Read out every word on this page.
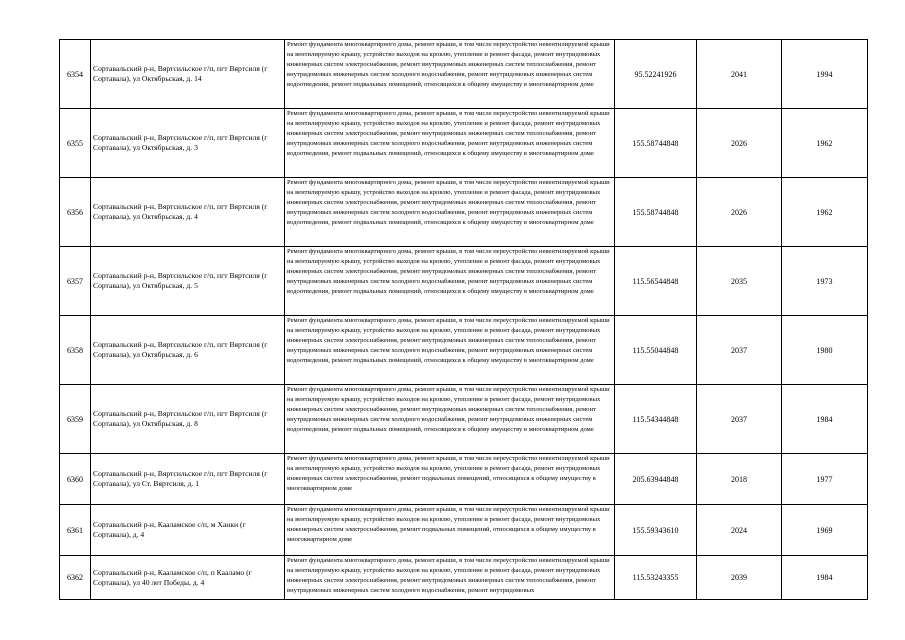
6354	Сортавальский р-н, Вяртсильское г/п, пгт Вяртсиля (г Сортавала), ул Октябрьская, д. 14	Ремонт фундамента многоквартирного дома, ремонт крыши, в том числе переустройство невентилируемой крыши на вентилируемую крышу, устройство выходов на кровлю, утепление и ремонт фасада, ремонт внутридомовых инженерных систем электроснабжения, ремонт внутридомовых инженерных систем теплоснабжения, ремонт внутридомовых инженерных систем холодного водоснабжения, ремонт внутридомовых инженерных систем водоотведения, ремонт подвальных помещений, относящихся к общему имуществу в многоквартирном доме	95.52241926	2041	1994
6355	Сортавальский р-н, Вяртсильское г/п, пгт Вяртсиля (г Сортавала), ул Октябрьская, д. 3	Ремонт фундамента многоквартирного дома, ремонт крыши, в том числе переустройство невентилируемой крыши на вентилируемую крышу, устройство выходов на кровлю, утепление и ремонт фасада, ремонт внутридомовых инженерных систем электроснабжения, ремонт внутридомовых инженерных систем теплоснабжения, ремонт внутридомовых инженерных систем холодного водоснабжения, ремонт внутридомовых инженерных систем водоотведения, ремонт подвальных помещений, относящихся к общему имуществу в многоквартирном доме	155.58744848	2026	1962
6356	Сортавальский р-н, Вяртсильское г/п, пгт Вяртсиля (г Сортавала), ул Октябрьская, д. 4	Ремонт фундамента многоквартирного дома, ремонт крыши, в том числе переустройство невентилируемой крыши на вентилируемую крышу, устройство выходов на кровлю, утепление и ремонт фасада, ремонт внутридомовых инженерных систем электроснабжения, ремонт внутридомовых инженерных систем теплоснабжения, ремонт внутридомовых инженерных систем холодного водоснабжения, ремонт внутридомовых инженерных систем водоотведения, ремонт подвальных помещений, относящихся к общему имуществу в многоквартирном доме	155.58744848	2026	1962
6357	Сортавальский р-н, Вяртсильское г/п, пгт Вяртсиля (г Сортавала), ул Октябрьская, д. 5	Ремонт фундамента многоквартирного дома, ремонт крыши, в том числе переустройство невентилируемой крыши на вентилируемую крышу, устройство выходов на кровлю, утепление и ремонт фасада, ремонт внутридомовых инженерных систем электроснабжения, ремонт внутридомовых инженерных систем теплоснабжения, ремонт внутридомовых инженерных систем холодного водоснабжения, ремонт внутридомовых инженерных систем водоотведения, ремонт подвальных помещений, относящихся к общему имуществу в многоквартирном доме	115.56544848	2035	1973
6358	Сортавальский р-н, Вяртсильское г/п, пгт Вяртсиля (г Сортавала), ул Октябрьская, д. 6	Ремонт фундамента многоквартирного дома, ремонт крыши, в том числе переустройство невентилируемой крыши на вентилируемую крышу, устройство выходов на кровлю, утепление и ремонт фасада, ремонт внутридомовых инженерных систем электроснабжения, ремонт внутридомовых инженерных систем теплоснабжения, ремонт внутридомовых инженерных систем холодного водоснабжения, ремонт внутридомовых инженерных систем водоотведения, ремонт подвальных помещений, относящихся к общему имуществу в многоквартирном доме	115.55044848	2037	1980
6359	Сортавальский р-н, Вяртсильское г/п, пгт Вяртсиля (г Сортавала), ул Октябрьская, д. 8	Ремонт фундамента многоквартирного дома, ремонт крыши, в том числе переустройство невентилируемой крыши на вентилируемую крышу, устройство выходов на кровлю, утепление и ремонт фасада, ремонт внутридомовых инженерных систем электроснабжения, ремонт внутридомовых инженерных систем теплоснабжения, ремонт внутридомовых инженерных систем холодного водоснабжения, ремонт внутридомовых инженерных систем водоотведения, ремонт подвальных помещений, относящихся к общему имуществу в многоквартирном доме	115.54344848	2037	1984
6360	Сортавальский р-н, Вяртсильское г/п, пгт Вяртсиля (г Сортавала), ул Ст. Вяртсиля, д. 1	Ремонт фундамента многоквартирного дома, ремонт крыши, в том числе переустройство невентилируемой крыши на вентилируемую крышу, устройство выходов на кровлю, утепление и ремонт фасада, ремонт внутридомовых инженерных систем электроснабжения, ремонт подвальных помещений, относящихся к общему имуществу в многоквартирном доме	205.63944848	2018	1977
6361	Сортавальский р-н, Кааламское с/п, м Ханки (г Сортавала), д. 4	Ремонт фундамента многоквартирного дома, ремонт крыши, в том числе переустройство невентилируемой крыши на вентилируемую крышу, устройство выходов на кровлю, утепление и ремонт фасада, ремонт внутридомовых инженерных систем электроснабжения, ремонт подвальных помещений, относящихся к общему имуществу в многоквартирном доме	155.59343610	2024	1969
6362	Сортавальский р-н, Кааламское с/п, п Кааламо (г Сортавала), ул 40 лет Победы, д. 4	Ремонт фундамента многоквартирного дома, ремонт крыши, в том числе переустройство невентилируемой крыши на вентилируемую крышу, устройство выходов на кровлю, утепление и ремонт фасада, ремонт внутридомовых инженерных систем электроснабжения, ремонт внутридомовых инженерных систем теплоснабжения, ремонт внутридомовых инженерных систем холодного водоснабжения, ремонт внутридомовых	115.53243355	2039	1984
